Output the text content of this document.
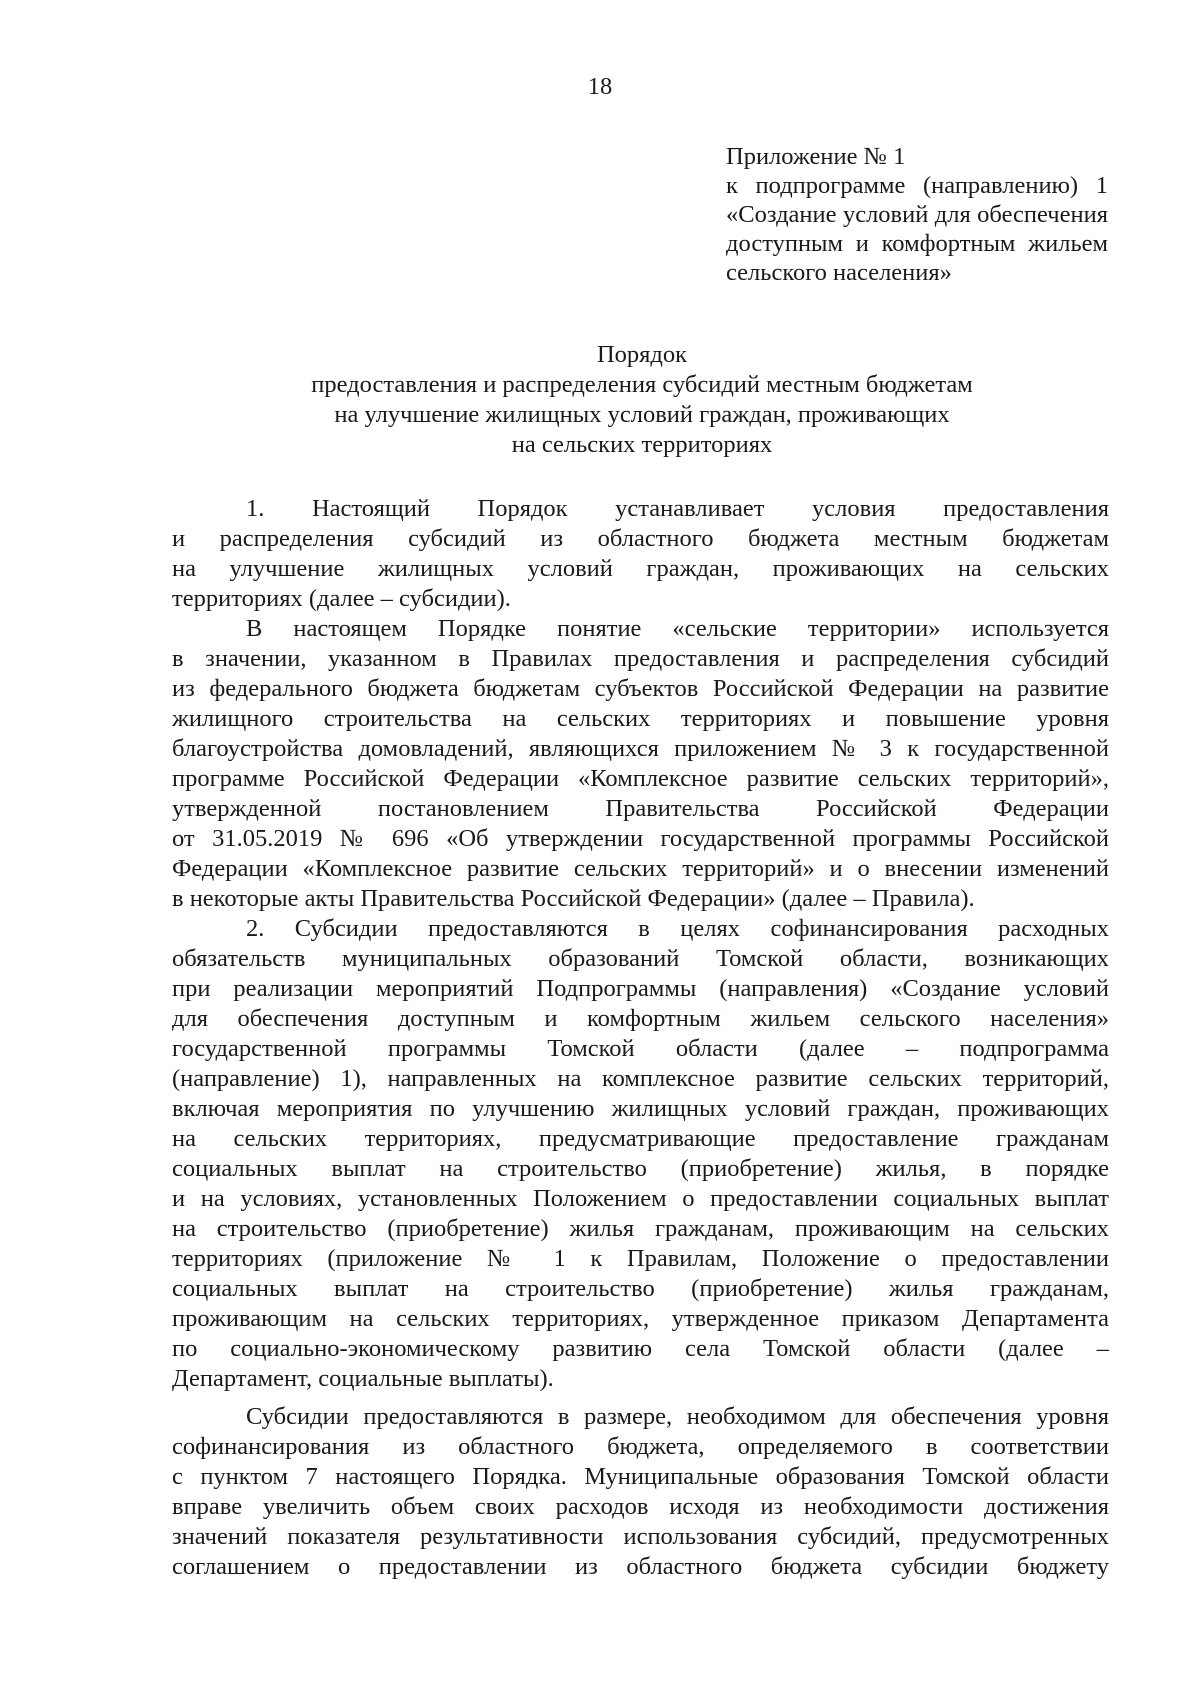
18
Приложение № 1
к подпрограмме (направлению) 1
«Создание условий для обеспечения
доступным и комфортным жильем
сельского населения»
Порядок
предоставления и распределения субсидий местным бюджетам
на улучшение жилищных условий граждан, проживающих
на сельских территориях
1. Настоящий Порядок устанавливает условия предоставления
и распределения субсидий из областного бюджета местным бюджетам
на улучшение жилищных условий граждан, проживающих на сельских
территориях (далее – субсидии).
В настоящем Порядке понятие «сельские территории» используется
в значении, указанном в Правилах предоставления и распределения субсидий
из федерального бюджета бюджетам субъектов Российской Федерации на развитие
жилищного строительства на сельских территориях и повышение уровня
благоустройства домовладений, являющихся приложением № 3 к государственной
программе Российской Федерации «Комплексное развитие сельских территорий»,
утвержденной постановлением Правительства Российской Федерации
от 31.05.2019 № 696 «Об утверждении государственной программы Российской
Федерации «Комплексное развитие сельских территорий» и о внесении изменений
в некоторые акты Правительства Российской Федерации» (далее – Правила).
2. Субсидии предоставляются в целях софинансирования расходных
обязательств муниципальных образований Томской области, возникающих
при реализации мероприятий Подпрограммы (направления) «Создание условий
для обеспечения доступным и комфортным жильем сельского населения»
государственной программы Томской области (далее – подпрограмма
(направление) 1), направленных на комплексное развитие сельских территорий,
включая мероприятия по улучшению жилищных условий граждан, проживающих
на сельских территориях, предусматривающие предоставление гражданам
социальных выплат на строительство (приобретение) жилья, в порядке
и на условиях, установленных Положением о предоставлении социальных выплат
на строительство (приобретение) жилья гражданам, проживающим на сельских
территориях (приложение № 1 к Правилам, Положение о предоставлении
социальных выплат на строительство (приобретение) жилья гражданам,
проживающим на сельских территориях, утвержденное приказом Департамента
по социально-экономическому развитию села Томской области (далее –
Департамент, социальные выплаты).
Субсидии предоставляются в размере, необходимом для обеспечения уровня
софинансирования из областного бюджета, определяемого в соответствии
с пунктом 7 настоящего Порядка. Муниципальные образования Томской области
вправе увеличить объем своих расходов исходя из необходимости достижения
значений показателя результативности использования субсидий, предусмотренных
соглашением о предоставлении из областного бюджета субсидии бюджету
